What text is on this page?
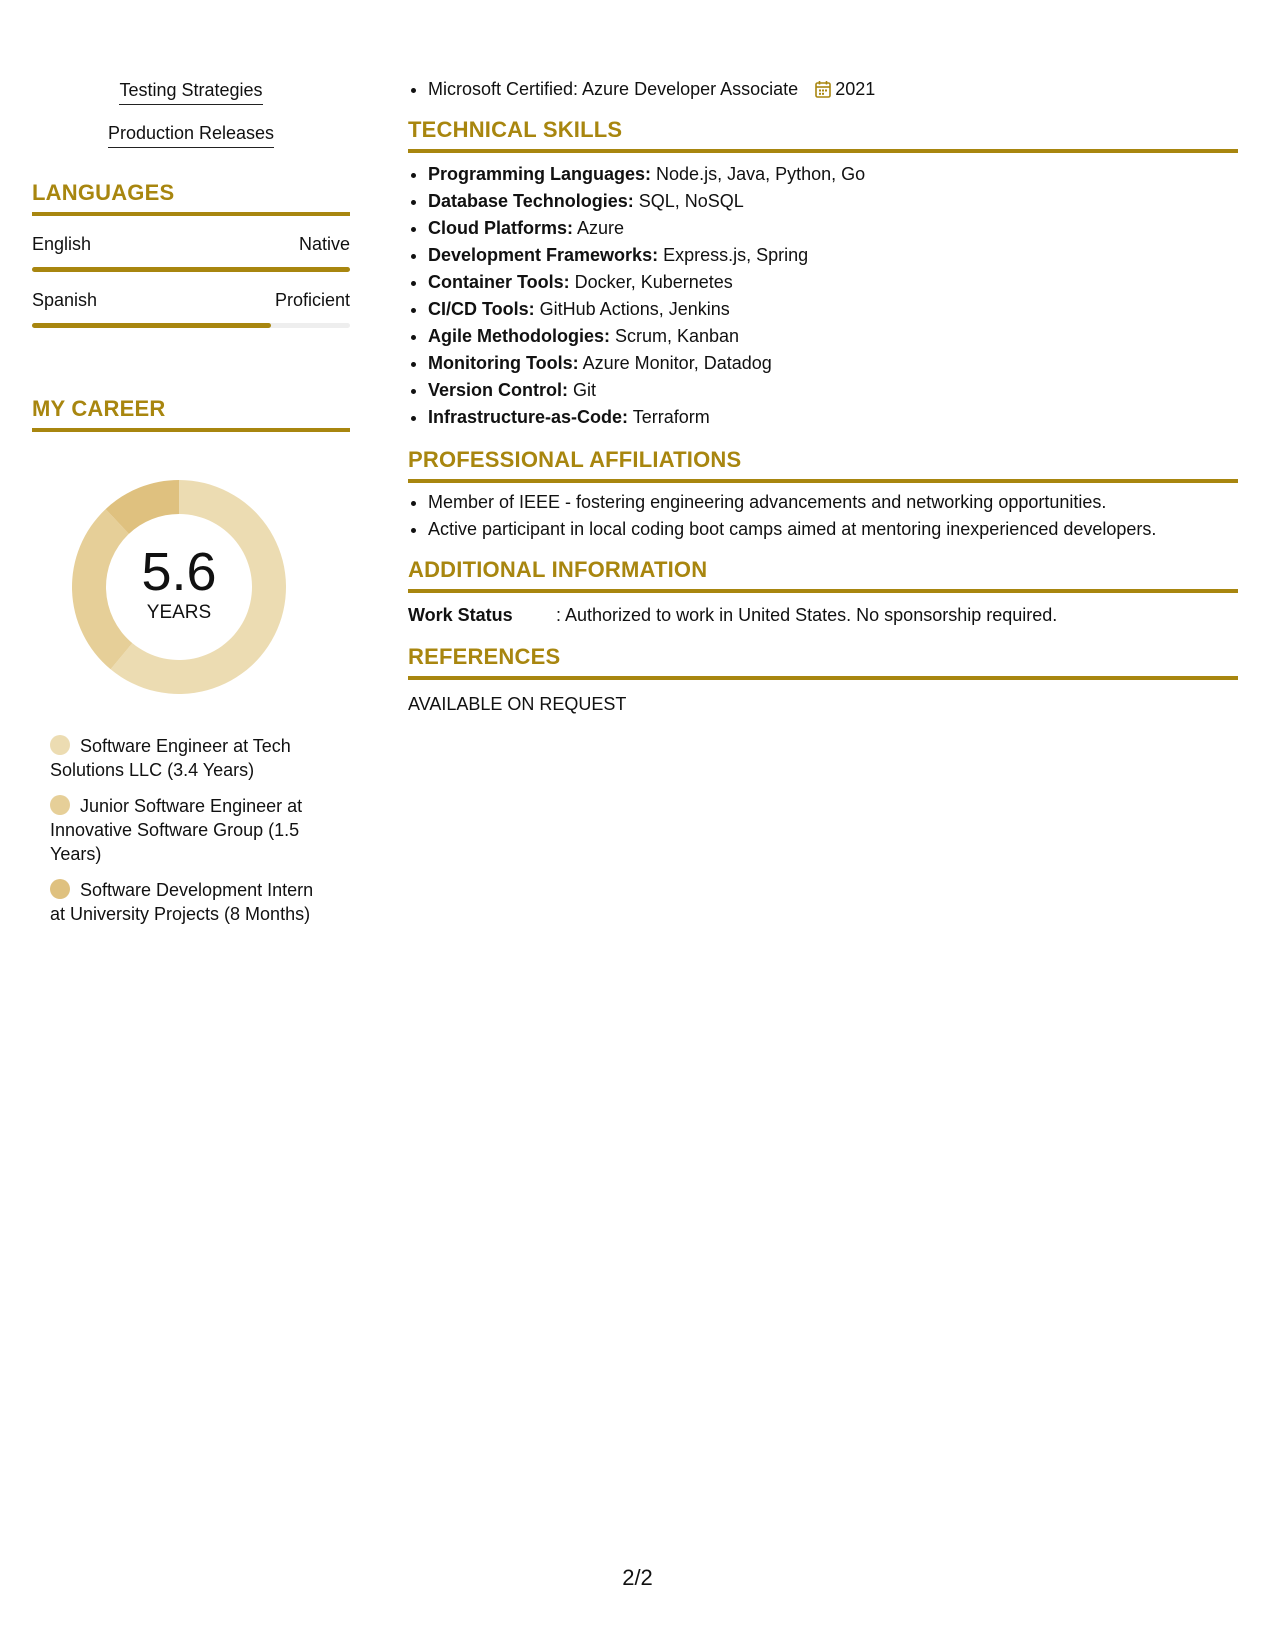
Testing Strategies
Production Releases
LANGUAGES
English	Native
Spanish	Proficient
MY CAREER
5.6
YEARS
Software Engineer at Tech Solutions LLC (3.4 Years)
Junior Software Engineer at Innovative Software Group (1.5 Years)
Software Development Intern at University Projects (8 Months)
• Microsoft Certified: Azure Developer Associate 2021
TECHNICAL SKILLS
• Programming Languages: Node.js, Java, Python, Go
• Database Technologies: SQL, NoSQL
• Cloud Platforms: Azure
• Development Frameworks: Express.js, Spring
• Container Tools: Docker, Kubernetes
• CI/CD Tools: GitHub Actions, Jenkins
• Agile Methodologies: Scrum, Kanban
• Monitoring Tools: Azure Monitor, Datadog
• Version Control: Git
• Infrastructure-as-Code: Terraform
PROFESSIONAL AFFILIATIONS
• Member of IEEE - fostering engineering advancements and networking opportunities.
• Active participant in local coding boot camps aimed at mentoring inexperienced developers.
ADDITIONAL INFORMATION
Work Status	: Authorized to work in United States. No sponsorship required.
REFERENCES
AVAILABLE ON REQUEST
2/2
